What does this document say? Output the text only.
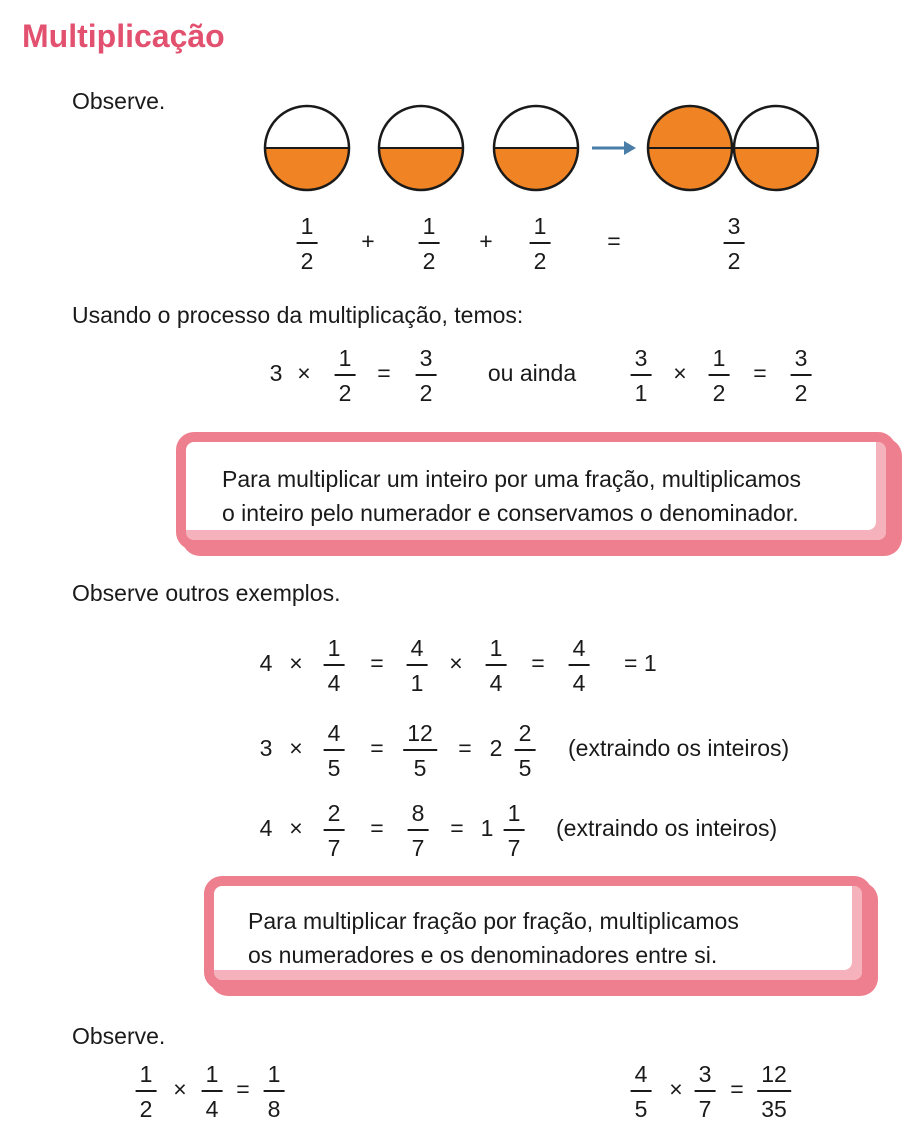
Multiplicação
Observe.
1
2
+
1
2
+
1
2
=
3
2
Usando o processo da multiplicação, temos:
3 ×
1
2
=
3
2
ou ainda
3
1
×
1
2
=
3
2
Para multiplicar um inteiro por uma fração, multiplicamos
o inteiro pelo numerador e conservamos o denominador.
Observe outros exemplos.
4 ×
1
4
=
4
1
×
1
4
=
4
4
= 1
3 ×
4
5
=
12
5
= 2
2
5
(extraindo os inteiros)
4 ×
2
7
=
8
7
= 1
1
7
(extraindo os inteiros)
Para multiplicar fração por fração, multiplicamos
os numeradores e os denominadores entre si.
Observe.
1
2
×
1
4
=
1
8
4
5
×
3
7
=
12
35
